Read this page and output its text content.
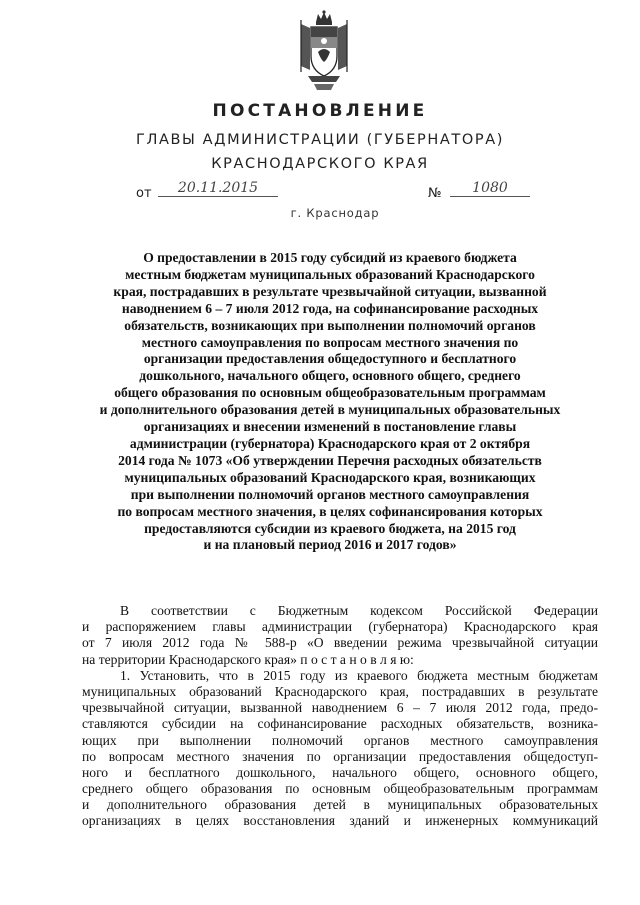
ПОСТАНОВЛЕНИЕ
ГЛАВЫ АДМИНИСТРАЦИИ (ГУБЕРНАТОРА)
КРАСНОДАРСКОГО КРАЯ
от	20.11.2015	№	1080
г. Краснодар
О предоставлении в 2015 году субсидий из краевого бюджета
местным бюджетам муниципальных образований Краснодарского
края, пострадавших в результате чрезвычайной ситуации, вызванной
наводнением 6 – 7 июля 2012 года, на софинансирование расходных
обязательств, возникающих при выполнении полномочий органов
местного самоуправления по вопросам местного значения по
организации предоставления общедоступного и бесплатного
дошкольного, начального общего, основного общего, среднего
общего образования по основным общеобразовательным программам
и дополнительного образования детей в муниципальных образовательных
организациях и внесении изменений в постановление главы
администрации (губернатора) Краснодарского края от 2 октября
2014 года № 1073 «Об утверждении Перечня расходных обязательств
муниципальных образований Краснодарского края, возникающих
при выполнении полномочий органов местного самоуправления
по вопросам местного значения, в целях софинансирования которых
предоставляются субсидии из краевого бюджета, на 2015 год
и на плановый период 2016 и 2017 годов»
В соответствии с Бюджетным кодексом Российской Федерации
и распоряжением главы администрации (губернатора) Краснодарского края
от 7 июля 2012 года № 588-р «О введении режима чрезвычайной ситуации
на территории Краснодарского края» п о с т а н о в л я ю:
1. Установить, что в 2015 году из краевого бюджета местным бюджетам
муниципальных образований Краснодарского края, пострадавших в результате
чрезвычайной ситуации, вызванной наводнением 6 – 7 июля 2012 года, предо-
ставляются субсидии на софинансирование расходных обязательств, возника-
ющих при выполнении полномочий органов местного самоуправления
по вопросам местного значения по организации предоставления общедоступ-
ного и бесплатного дошкольного, начального общего, основного общего,
среднего общего образования по основным общеобразовательным программам
и дополнительного образования детей в муниципальных образовательных
организациях в целях восстановления зданий и инженерных коммуникаций
